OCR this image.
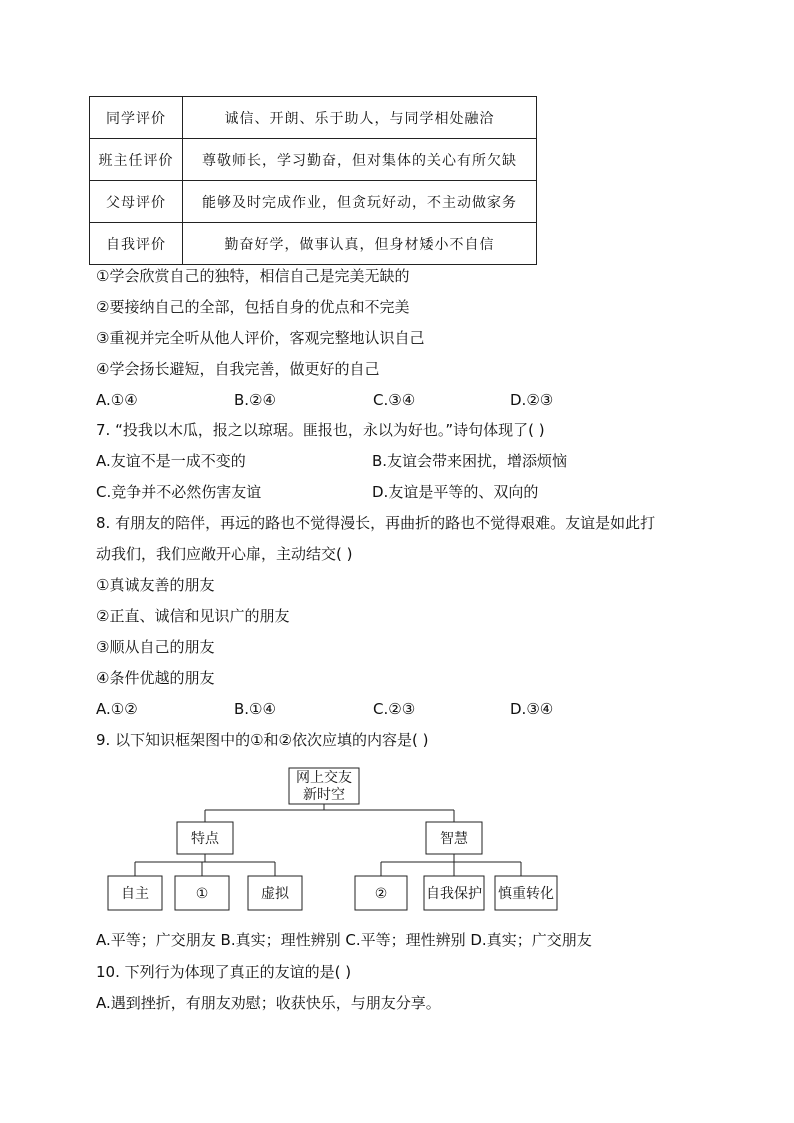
同学评价	诚信、开朗、乐于助人，与同学相处融洽
班主任评价	尊敬师长，学习勤奋，但对集体的关心有所欠缺
父母评价	能够及时完成作业，但贪玩好动，不主动做家务
自我评价	勤奋好学，做事认真，但身材矮小不自信
①学会欣赏自己的独特，相信自己是完美无缺的
②要接纳自己的全部，包括自身的优点和不完美
③重视并完全听从他人评价，客观完整地认识自己
④学会扬长避短，自我完善，做更好的自己
A.①④	B.②④	C.③④	D.②③
7. “投我以木瓜，报之以琼琚。匪报也，永以为好也。”诗句体现了( )
A.友谊不是一成不变的	B.友谊会带来困扰，增添烦恼
C.竞争并不必然伤害友谊	D.友谊是平等的、双向的
8. 有朋友的陪伴，再远的路也不觉得漫长，再曲折的路也不觉得艰难。友谊是如此打
动我们，我们应敞开心扉，主动结交( )
①真诚友善的朋友
②正直、诚信和见识广的朋友
③顺从自己的朋友
④条件优越的朋友
A.①②	B.①④	C.②③	D.③④
9. 以下知识框架图中的①和②依次应填的内容是( )
网上交友
新时空
特点	智慧
自主	①	虚拟	②	自我保护 慎重转化
A.平等；广交朋友 B.真实；理性辨别 C.平等；理性辨别 D.真实；广交朋友
10. 下列行为体现了真正的友谊的是( )
A.遇到挫折，有朋友劝慰；收获快乐，与朋友分享。
